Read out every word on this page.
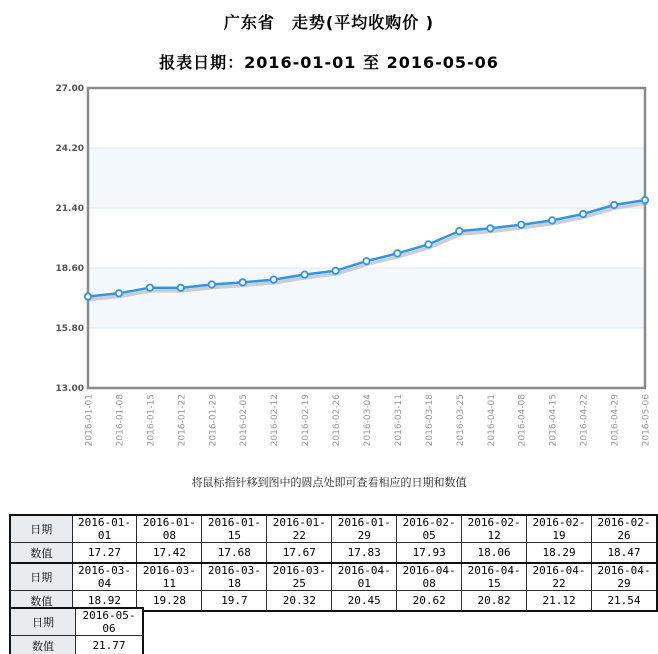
广东省　走势(平均收购价 )
报表日期：2016-01-01 至 2016-05-06
27.00
24.20
21.40
18.60
15.80
13.00
2016-01-01 2016-01-08 2016-01-15 2016-01-22 2016-01-29 2016-02-05 2016-02-12 2016-02-19 2016-02-26 2016-03-04 2016-03-11 2016-03-18 2016-03-25 2016-04-01 2016-04-08 2016-04-15 2016-04-22 2016-04-29 2016-05-06
将鼠标指针移到图中的圆点处即可查看相应的日期和数值
日期	2016-01-01	2016-01-08	2016-01-15	2016-01-22	2016-01-29	2016-02-05	2016-02-12	2016-02-19	2016-02-26
数值	17.27	17.42	17.68	17.67	17.83	17.93	18.06	18.29	18.47
日期	2016-03-04	2016-03-11	2016-03-18	2016-03-25	2016-04-01	2016-04-08	2016-04-15	2016-04-22	2016-04-29
数值	18.92	19.28	19.7	20.32	20.45	20.62	20.82	21.12	21.54
日期	2016-05-06
数值	21.77
